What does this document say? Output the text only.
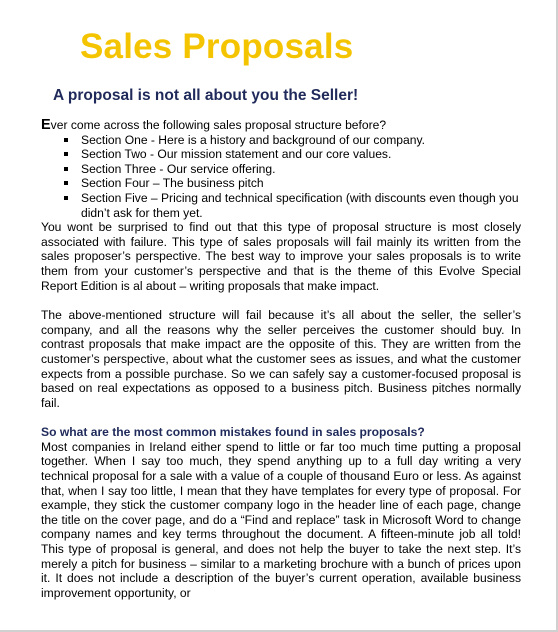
Sales Proposals
A proposal is not all about you the Seller!
Ever come across the following sales proposal structure before?
Section One - Here is a history and background of our company.
Section Two - Our mission statement and our core values.
Section Three - Our service offering.
Section Four – The business pitch
Section Five – Pricing and technical specification (with discounts even though you didn’t ask for them yet.

You wont be surprised to find out that this type of proposal structure is most closely associated with failure. This type of sales proposals will fail mainly its written from the sales proposer’s perspective. The best way to improve your sales proposals is to write them from your customer’s perspective and that is the theme of this Evolve Special Report Edition is al about – writing proposals that make impact.

The above-mentioned structure will fail because it’s all about the seller, the seller’s company, and all the reasons why the seller perceives the customer should buy. In contrast proposals that make impact are the opposite of this. They are written from the customer’s perspective, about what the customer sees as issues, and what the customer expects from a possible purchase. So we can safely say a customer-focused proposal is based on real expectations as opposed to a business pitch. Business pitches normally fail.

So what are the most common mistakes found in sales proposals?

Most companies in Ireland either spend to little or far too much time putting a proposal together. When I say too much, they spend anything up to a full day writing a very technical proposal for a sale with a value of a couple of thousand Euro or less. As against that, when I say too little, I mean that they have templates for every type of proposal. For example, they stick the customer company logo in the header line of each page, change the title on the cover page, and do a “Find and replace” task in Microsoft Word to change company names and key terms throughout the document. A fifteen-minute job all told! This type of proposal is general, and does not help the buyer to take the next step. It’s merely a pitch for business – similar to a marketing brochure with a bunch of prices upon it. It does not include a description of the buyer’s current operation, available business improvement opportunity, or
